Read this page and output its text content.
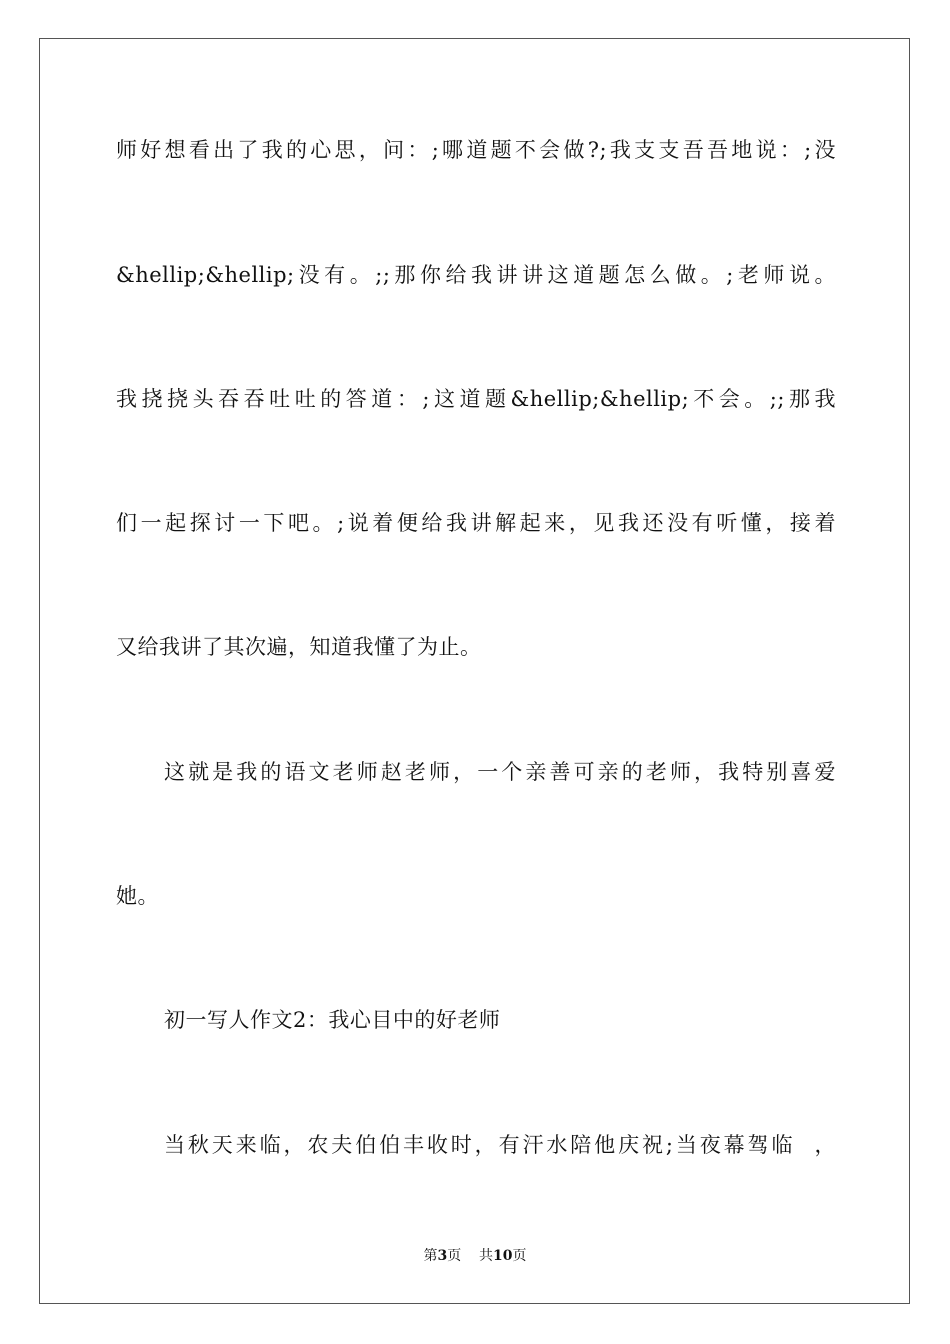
师好想看出了我的心思，问：;哪道题不会做?;我支支吾吾地说：;没
&hellip;&hellip;没有。;;那你给我讲讲这道题怎么做。;老师说。
我挠挠头吞吞吐吐的答道：;这道题&hellip;&hellip;不会。;;那我
们一起探讨一下吧。;说着便给我讲解起来，见我还没有听懂，接着
又给我讲了其次遍，知道我懂了为止。
这就是我的语文老师赵老师，一个亲善可亲的老师，我特别喜爱
她。
初一写人作文2：我心目中的好老师
当秋天来临，农夫伯伯丰收时，有汗水陪他庆祝;当夜幕驾临  ，
第3页 共10页
